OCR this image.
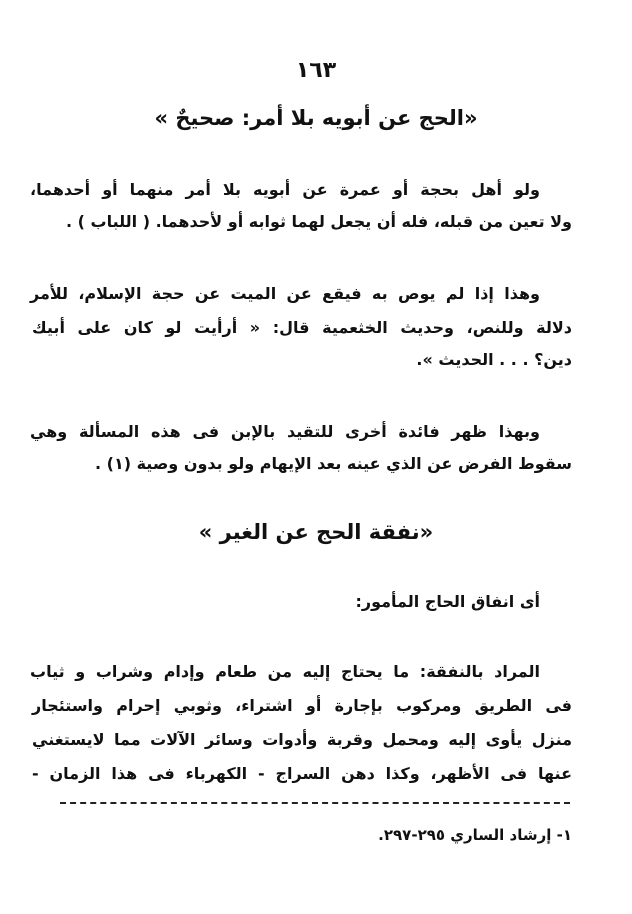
١٦٣
«الحج عن أبويه بلا أمر: صحيحٌ »
ولو أهل بحجة أو عمرة عن أبويه بلا أمر منهما أو أحدهما،
ولا تعين من قبله، فله أن يجعل لهما ثوابه أو لأحدهما. ( اللباب ) .
وهذا إذا لم يوص به فيقع عن الميت عن حجة الإسلام، للأمر
دلالة وللنص، وحديث الخثعمية قال: « أرأيت لو كان على أبيك
دين؟ . . . الحديث ».
وبهذا ظهر فائدة أخرى للتقيد بالإبن فى هذه المسألة وهي
سقوط الفرض عن الذي عينه بعد الإيهام ولو بدون وصية (١) .
«نفقة الحج عن الغير »
أى انفاق الحاج المأمور:
المراد بالنفقة: ما يحتاج إليه من طعام وإدام وشراب و ثياب
فى الطريق ومركوب بإجارة أو اشتراء، وثوبي إحرام واستئجار
منزل يأوى إليه ومحمل وقربة وأدوات وسائر الآلات مما لايستغني
عنها فى الأظهر، وكذا دهن السراج - الكهرباء فى هذا الزمان -
١- إرشاد الساري ٢٩٥-٢٩٧.
